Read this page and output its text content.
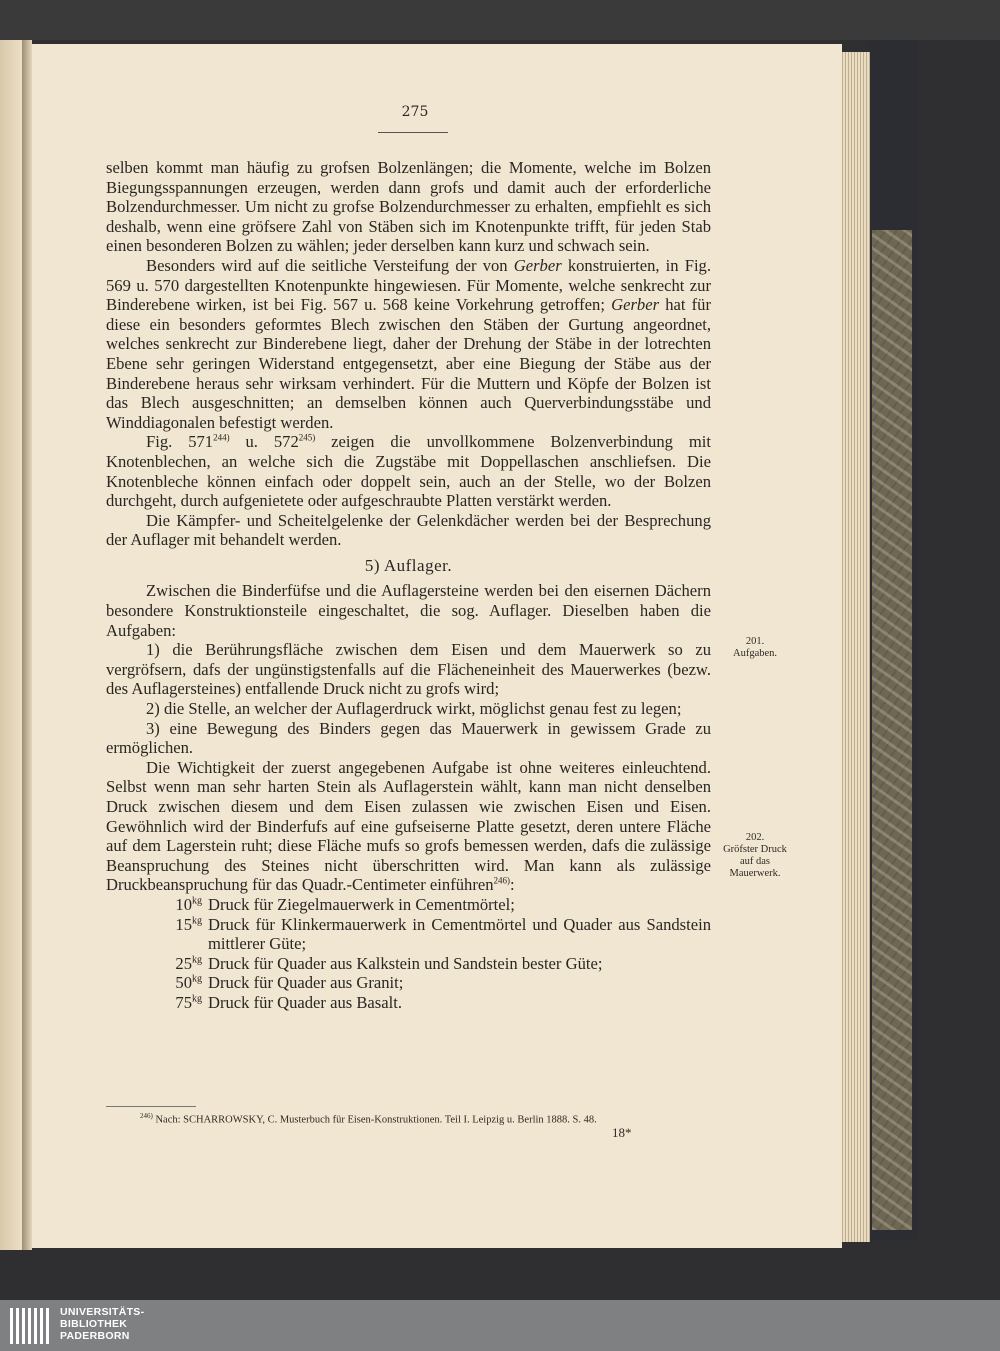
275

selben kommt man häufig zu grofsen Bolzenlängen; die Momente, welche im Bolzen Biegungsspannungen erzeugen, werden dann grofs und damit auch der erforderliche Bolzendurchmesser. Um nicht zu grofse Bolzendurchmesser zu erhalten, empfiehlt es sich deshalb, wenn eine gröfsere Zahl von Stäben sich im Knotenpunkte trifft, für jeden Stab einen besonderen Bolzen zu wählen; jeder derselben kann kurz und schwach sein.

Besonders wird auf die seitliche Versteifung der von Gerber konstruierten, in Fig. 569 u. 570 dargestellten Knotenpunkte hingewiesen. Für Momente, welche senkrecht zur Binderebene wirken, ist bei Fig. 567 u. 568 keine Vorkehrung getroffen; Gerber hat für diese ein besonders geformtes Blech zwischen den Stäben der Gurtung angeordnet, welches senkrecht zur Binderebene liegt, daher der Drehung der Stäbe in der lotrechten Ebene sehr geringen Widerstand entgegensetzt, aber eine Biegung der Stäbe aus der Binderebene heraus sehr wirksam verhindert. Für die Muttern und Köpfe der Bolzen ist das Blech ausgeschnitten; an demselben können auch Querverbindungsstäbe und Winddiagonalen befestigt werden.

Fig. 571$^{244)}$ u. 572$^{245)}$ zeigen die unvollkommene Bolzenverbindung mit Knotenblechen, an welche sich die Zugstäbe mit Doppellaschen anschliefsen. Die Knotenbleche können einfach oder doppelt sein, auch an der Stelle, wo der Bolzen durchgeht, durch aufgenietete oder aufgeschraubte Platten verstärkt werden.

Die Kämpfer- und Scheitelgelenke der Gelenkdächer werden bei der Besprechung der Auflager mit behandelt werden.

5) Auflager.

Zwischen die Binderfüfse und die Auflagersteine werden bei den eisernen Dächern besondere Konstruktionsteile eingeschaltet, die sog. Auflager. Dieselben haben die Aufgaben:

1) die Berührungsfläche zwischen dem Eisen und dem Mauerwerk so zu vergröfsern, dafs der ungünstigstenfalls auf die Flächeneinheit des Mauerwerkes (bezw. des Auflagersteines) entfallende Druck nicht zu grofs wird;

2) die Stelle, an welcher der Auflagerdruck wirkt, möglichst genau fest zu legen;

3) eine Bewegung des Binders gegen das Mauerwerk in gewissem Grade zu ermöglichen.

Die Wichtigkeit der zuerst angegebenen Aufgabe ist ohne weiteres einleuchtend. Selbst wenn man sehr harten Stein als Auflagerstein wählt, kann man nicht denselben Druck zwischen diesem und dem Eisen zulassen wie zwischen Eisen und Eisen. Gewöhnlich wird der Binderfufs auf eine gufseiserne Platte gesetzt, deren untere Fläche auf dem Lagerstein ruht; diese Fläche mufs so grofs bemessen werden, dafs die zulässige Beanspruchung des Steines nicht überschritten wird. Man kann als zulässige Druckbeanspruchung für das Quadr.-Centimeter einführen$^{246)}$:

$10^{kg}$ Druck für Ziegelmauerwerk in Cementmörtel;
$15^{kg}$ Druck für Klinkermauerwerk in Cementmörtel und Quader aus Sandstein mittlerer Güte;
$25^{kg}$ Druck für Quader aus Kalkstein und Sandstein bester Güte;
$50^{kg}$ Druck für Quader aus Granit;
$75^{kg}$ Druck für Quader aus Basalt.
201.
Aufgaben.
202.
Gröfster Druck
auf das
Mauerwerk.
$^{246)}$ Nach: SCHARROWSKY, C. Musterbuch für Eisen-Konstruktionen. Teil I. Leipzig u. Berlin 1888. S. 48.
18*
UNIVERSITÄTS-
BIBLIOTHEK
PADERBORN
